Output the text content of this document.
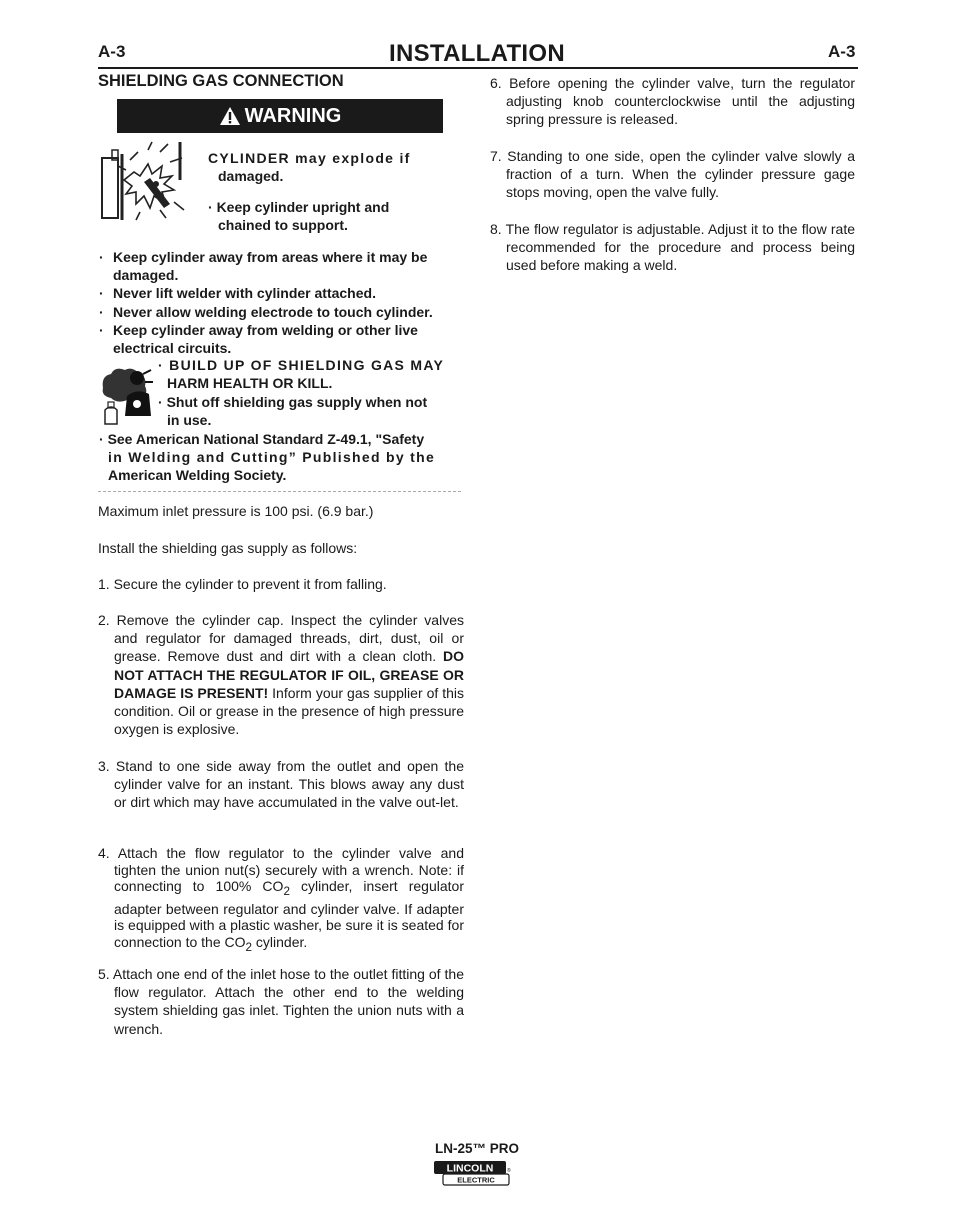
A-3	INSTALLATION	A-3
SHIELDING GAS CONNECTION
WARNING
CYLINDER may explode if
damaged.
· Keep cylinder upright and
chained to support.
· Keep cylinder away from areas where it may be
damaged.
· Never lift welder with cylinder attached.
· Never allow welding electrode to touch cylinder.
· Keep cylinder away from welding or other live
electrical circuits.
· BUILD UP OF SHIELDING GAS MAY
HARM HEALTH OR KILL.
· Shut off shielding gas supply when not
in use.
· See American National Standard Z-49.1, "Safety
in Welding and Cutting” Published by the
American Welding Society.
Maximum inlet pressure is 100 psi. (6.9 bar.)
Install the shielding gas supply as follows:
1. Secure the cylinder to prevent it from falling.
2. Remove the cylinder cap. Inspect the cylinder valves and regulator for damaged threads, dirt, dust, oil or grease. Remove dust and dirt with a clean cloth. DO NOT ATTACH THE REGULATOR IF OIL, GREASE OR DAMAGE IS PRESENT! Inform your gas supplier of this condition. Oil or grease in the presence of high pressure oxygen is explosive.
3. Stand to one side away from the outlet and open the cylinder valve for an instant. This blows away any dust or dirt which may have accumulated in the valve out-let.
4. Attach the flow regulator to the cylinder valve and tighten the union nut(s) securely with a wrench. Note: if connecting to 100% $CO_2$ cylinder, insert regulator adapter between regulator and cylinder valve. If adapter is equipped with a plastic washer, be sure it is seated for connection to the $CO_2$ cylinder.
5. Attach one end of the inlet hose to the outlet fitting of the flow regulator. Attach the other end to the welding system shielding gas inlet. Tighten the union nuts with a wrench.
6. Before opening the cylinder valve, turn the regulator adjusting knob counterclockwise until the adjusting spring pressure is released.
7. Standing to one side, open the cylinder valve slowly a fraction of a turn. When the cylinder pressure gage stops moving, open the valve fully.
8. The flow regulator is adjustable. Adjust it to the flow rate recommended for the procedure and process being used before making a weld.
LN-25™ PRO
LINCOLN
ELECTRIC
®
